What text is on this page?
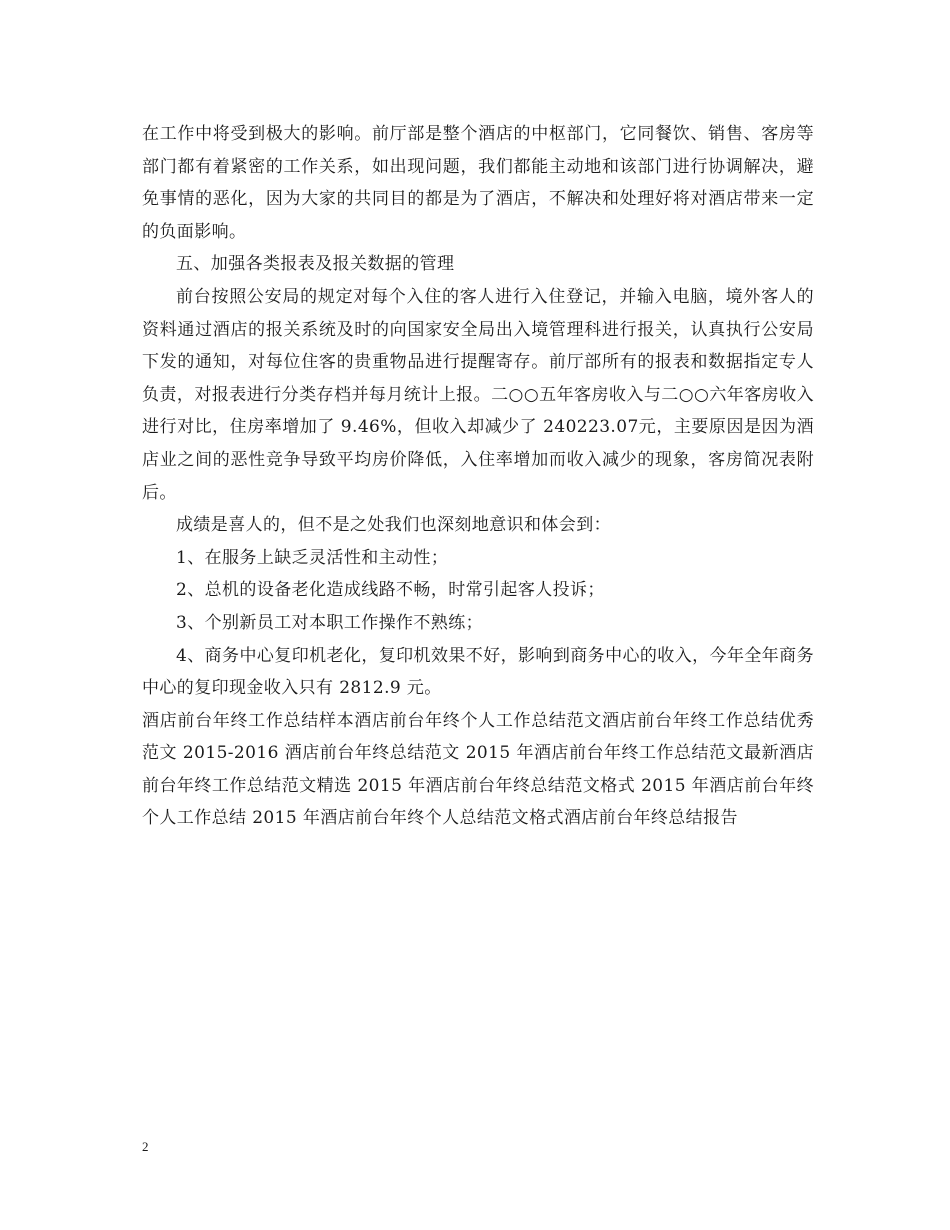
在工作中将受到极大的影响。前厅部是整个酒店的中枢部门，它同餐饮、销售、客房等部门都有着紧密的工作关系，如出现问题，我们都能主动地和该部门进行协调解决，避免事情的恶化，因为大家的共同目的都是为了酒店，不解决和处理好将对酒店带来一定的负面影响。

五、加强各类报表及报关数据的管理

前台按照公安局的规定对每个入住的客人进行入住登记，并输入电脑，境外客人的资料通过酒店的报关系统及时的向国家安全局出入境管理科进行报关，认真执行公安局下发的通知，对每位住客的贵重物品进行提醒寄存。前厅部所有的报表和数据指定专人负责，对报表进行分类存档并每月统计上报。二○○五年客房收入与二○○六年客房收入进行对比，住房率增加了 9.46%，但收入却减少了 240223.07元，主要原因是因为酒店业之间的恶性竞争导致平均房价降低，入住率增加而收入减少的现象，客房简况表附后。

成绩是喜人的，但不是之处我们也深刻地意识和体会到：

1、在服务上缺乏灵活性和主动性；

2、总机的设备老化造成线路不畅，时常引起客人投诉；

3、个别新员工对本职工作操作不熟练；

4、商务中心复印机老化，复印机效果不好，影响到商务中心的收入，今年全年商务中心的复印现金收入只有 2812.9 元。

酒店前台年终工作总结样本酒店前台年终个人工作总结范文酒店前台年终工作总结优秀范文 2015-2016 酒店前台年终总结范文 2015 年酒店前台年终工作总结范文最新酒店前台年终工作总结范文精选 2015 年酒店前台年终总结范文格式 2015 年酒店前台年终个人工作总结 2015 年酒店前台年终个人总结范文格式酒店前台年终总结报告

2
